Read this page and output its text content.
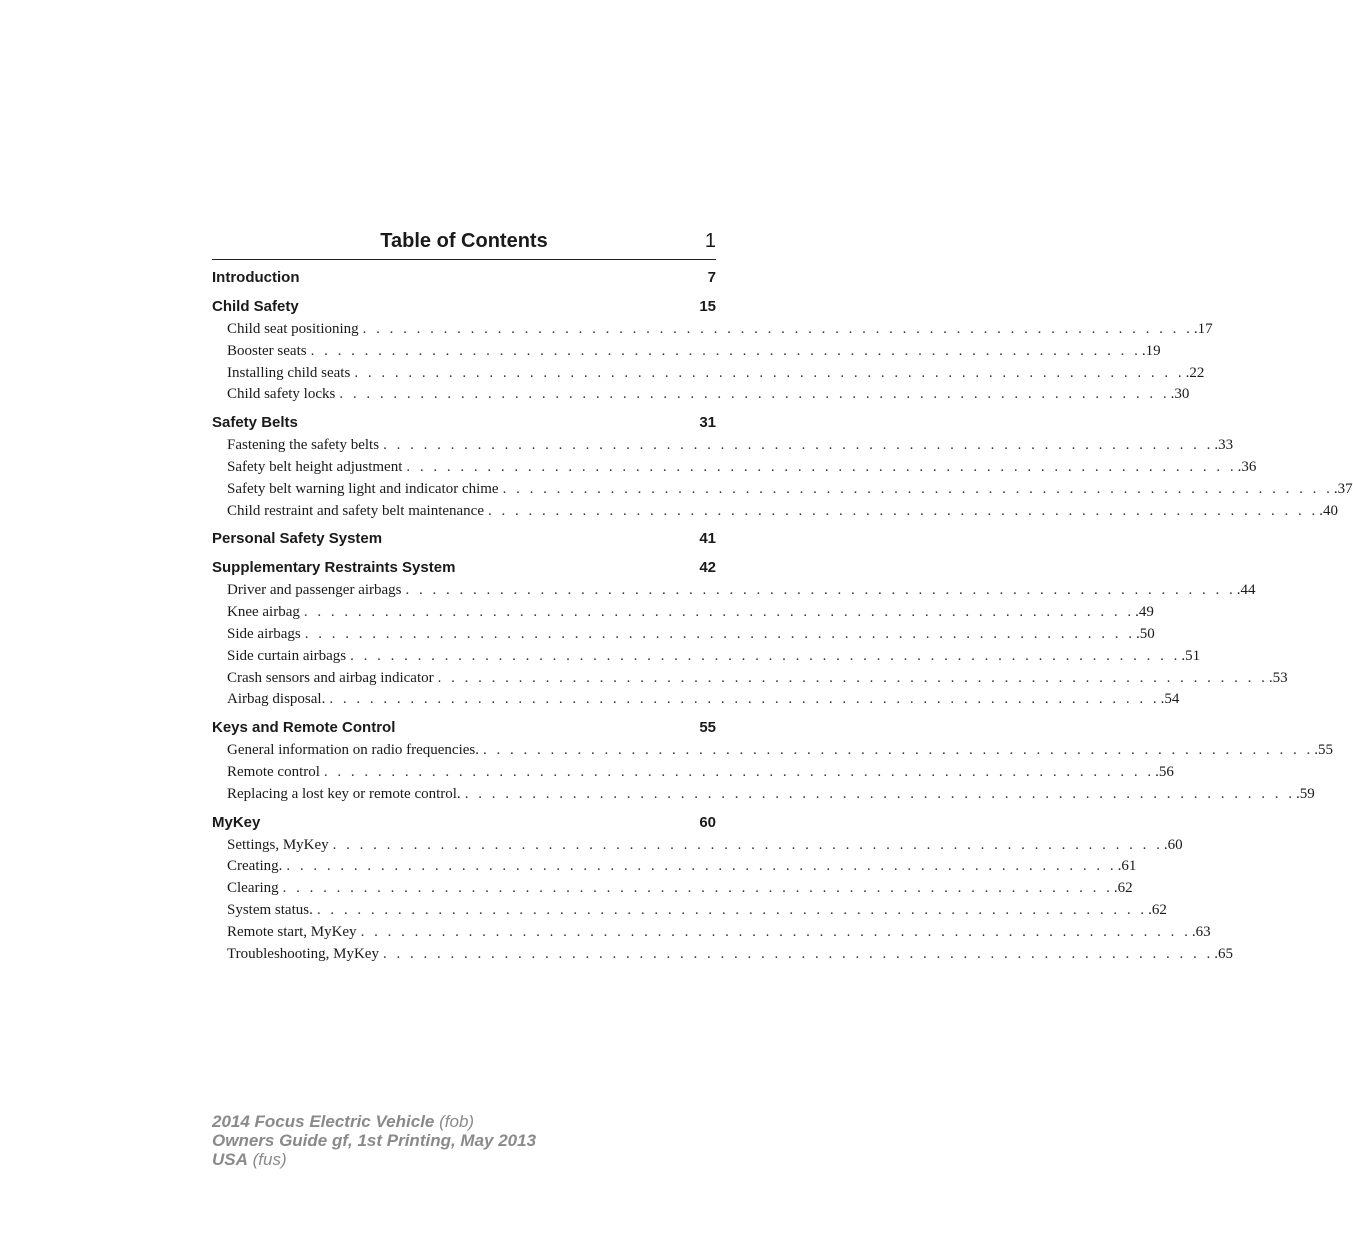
Table of Contents	1
Introduction	7
Child Safety	15
Child seat positioning . . . . . . . . . . . . . . . . . . . . . . . . . . . . . . . . . . . . . . . . . . . . . . . . . . . . . . . . . . . . . . .17
Booster seats . . . . . . . . . . . . . . . . . . . . . . . . . . . . . . . . . . . . . . . . . . . . . . . . . . . . . . . . . . . . . . .19
Installing child seats . . . . . . . . . . . . . . . . . . . . . . . . . . . . . . . . . . . . . . . . . . . . . . . . . . . . . . . . . . . . . . .22
Child safety locks . . . . . . . . . . . . . . . . . . . . . . . . . . . . . . . . . . . . . . . . . . . . . . . . . . . . . . . . . . . . . . .30
Safety Belts	31
Fastening the safety belts . . . . . . . . . . . . . . . . . . . . . . . . . . . . . . . . . . . . . . . . . . . . . . . . . . . . . . . . . . . . . . .33
Safety belt height adjustment . . . . . . . . . . . . . . . . . . . . . . . . . . . . . . . . . . . . . . . . . . . . . . . . . . . . . . . . . . . . . . .36
Safety belt warning light and indicator chime . . . . . . . . . . . . . . . . . . . . . . . . . . . . . . . . . . . . . . . . . . . . . . . . . . . . . . . . . . . . . . .37
Child restraint and safety belt maintenance . . . . . . . . . . . . . . . . . . . . . . . . . . . . . . . . . . . . . . . . . . . . . . . . . . . . . . . . . . . . . . .40
Personal Safety System	41
Supplementary Restraints System	42
Driver and passenger airbags . . . . . . . . . . . . . . . . . . . . . . . . . . . . . . . . . . . . . . . . . . . . . . . . . . . . . . . . . . . . . . .44
Knee airbag . . . . . . . . . . . . . . . . . . . . . . . . . . . . . . . . . . . . . . . . . . . . . . . . . . . . . . . . . . . . . . .49
Side airbags . . . . . . . . . . . . . . . . . . . . . . . . . . . . . . . . . . . . . . . . . . . . . . . . . . . . . . . . . . . . . . .50
Side curtain airbags . . . . . . . . . . . . . . . . . . . . . . . . . . . . . . . . . . . . . . . . . . . . . . . . . . . . . . . . . . . . . . .51
Crash sensors and airbag indicator . . . . . . . . . . . . . . . . . . . . . . . . . . . . . . . . . . . . . . . . . . . . . . . . . . . . . . . . . . . . . . .53
Airbag disposal. . . . . . . . . . . . . . . . . . . . . . . . . . . . . . . . . . . . . . . . . . . . . . . . . . . . . . . . . . . . . . . .54
Keys and Remote Control	55
General information on radio frequencies. . . . . . . . . . . . . . . . . . . . . . . . . . . . . . . . . . . . . . . . . . . . . . . . . . . . . . . . . . . . . . . .55
Remote control . . . . . . . . . . . . . . . . . . . . . . . . . . . . . . . . . . . . . . . . . . . . . . . . . . . . . . . . . . . . . . .56
Replacing a lost key or remote control. . . . . . . . . . . . . . . . . . . . . . . . . . . . . . . . . . . . . . . . . . . . . . . . . . . . . . . . . . . . . . . .59
MyKey	60
Settings, MyKey . . . . . . . . . . . . . . . . . . . . . . . . . . . . . . . . . . . . . . . . . . . . . . . . . . . . . . . . . . . . . . .60
Creating. . . . . . . . . . . . . . . . . . . . . . . . . . . . . . . . . . . . . . . . . . . . . . . . . . . . . . . . . . . . . . . .61
Clearing . . . . . . . . . . . . . . . . . . . . . . . . . . . . . . . . . . . . . . . . . . . . . . . . . . . . . . . . . . . . . . .62
System status. . . . . . . . . . . . . . . . . . . . . . . . . . . . . . . . . . . . . . . . . . . . . . . . . . . . . . . . . . . . . . . .62
Remote start, MyKey . . . . . . . . . . . . . . . . . . . . . . . . . . . . . . . . . . . . . . . . . . . . . . . . . . . . . . . . . . . . . . .63
Troubleshooting, MyKey . . . . . . . . . . . . . . . . . . . . . . . . . . . . . . . . . . . . . . . . . . . . . . . . . . . . . . . . . . . . . . .65
2014 Focus Electric Vehicle (fob)
Owners Guide gf, 1st Printing, May 2013
USA (fus)
